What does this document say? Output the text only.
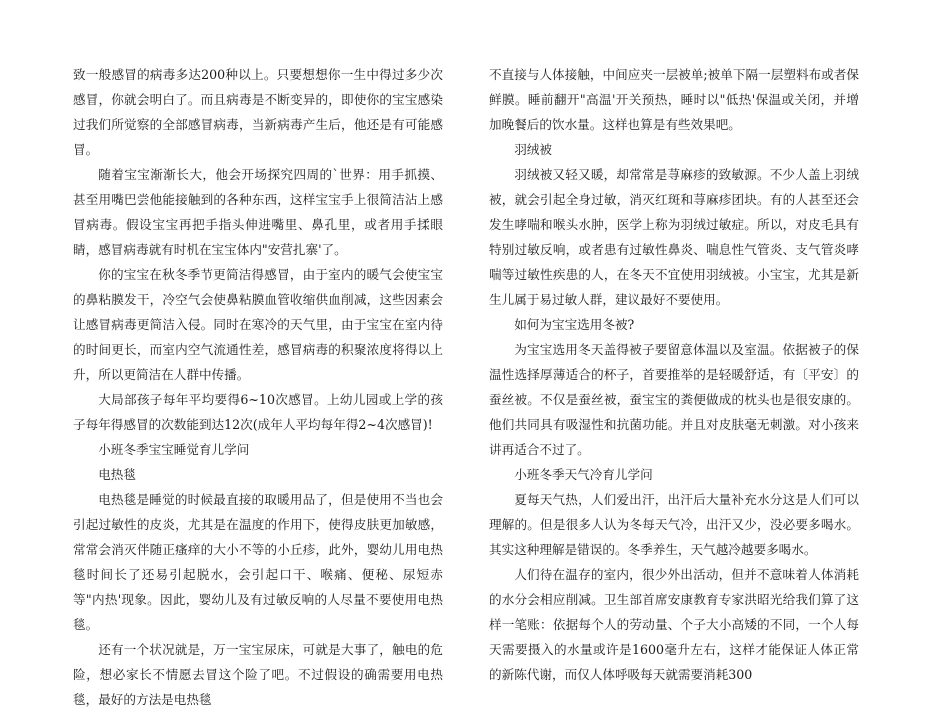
致一般感冒的病毒多达200种以上。只要想想你一生中得过多少次感冒，你就会明白了。而且病毒是不断变异的，即使你的宝宝感染过我们所觉察的全部感冒病毒，当新病毒产生后，他还是有可能感冒。

随着宝宝渐渐长大，他会开场探究四周的`世界：用手抓摸、甚至用嘴巴尝他能接触到的各种东西，这样宝宝手上很简洁沾上感冒病毒。假设宝宝再把手指头伸进嘴里、鼻孔里，或者用手揉眼睛，感冒病毒就有时机在宝宝体内"安营扎寨'了。

你的宝宝在秋冬季节更简洁得感冒，由于室内的暖气会使宝宝的鼻粘膜发干，冷空气会使鼻粘膜血管收缩供血削减，这些因素会让感冒病毒更简洁入侵。同时在寒冷的天气里，由于宝宝在室内待的时间更长，而室内空气流通性差，感冒病毒的积聚浓度将得以上升，所以更简洁在人群中传播。

大局部孩子每年平均要得6~10次感冒。上幼儿园或上学的孩子每年得感冒的次数能到达12次(成年人平均每年得2~4次感冒)!

小班冬季宝宝睡觉育儿学问

电热毯

电热毯是睡觉的时候最直接的取暖用品了，但是使用不当也会引起过敏性的皮炎，尤其是在温度的作用下，使得皮肤更加敏感，常常会消灭伴随正瘙痒的大小不等的小丘疹，此外，婴幼儿用电热毯时间长了还易引起脱水，会引起口干、喉痛、便秘、尿短赤等"内热'现象。因此，婴幼儿及有过敏反响的人尽量不要使用电热毯。

还有一个状况就是，万一宝宝尿床，可就是大事了，触电的危险，想必家长不情愿去冒这个险了吧。不过假设的确需要用电热毯，最好的方法是电热毯

不直接与人体接触，中间应夹一层被单;被单下隔一层塑料布或者保鲜膜。睡前翻开"高温'开关预热，睡时以"低热'保温或关闭，并增加晚餐后的饮水量。这样也算是有些效果吧。

羽绒被

羽绒被又轻又暖，却常常是荨麻疹的致敏源。不少人盖上羽绒被，就会引起全身过敏，消灭红斑和荨麻疹团块。有的人甚至还会发生哮喘和喉头水肿，医学上称为羽绒过敏症。所以，对皮毛具有特别过敏反响，或者患有过敏性鼻炎、喘息性气管炎、支气管炎哮喘等过敏性疾患的人，在冬天不宜使用羽绒被。小宝宝，尤其是新生儿属于易过敏人群，建议最好不要使用。

如何为宝宝选用冬被?

为宝宝选用冬天盖得被子要留意体温以及室温。依据被子的保温性选择厚薄适合的杯子，首要推举的是轻暖舒适，有〔平安〕的蚕丝被。不仅是蚕丝被，蚕宝宝的粪便做成的枕头也是很安康的。他们共同具有吸湿性和抗菌功能。并且对皮肤毫无刺激。对小孩来讲再适合不过了。

小班冬季天气冷育儿学问

夏每天气热，人们爱出汗，出汗后大量补充水分这是人们可以理解的。但是很多人认为冬每天气冷，出汗又少，没必要多喝水。其实这种理解是错误的。冬季养生，天气越冷越要多喝水。

人们待在温存的室内，很少外出活动，但并不意味着人体消耗的水分会相应削减。卫生部首席安康教育专家洪昭光给我们算了这样一笔账：依据每个人的劳动量、个子大小高矮的不同，一个人每天需要摄入的水量或许是1600毫升左右，这样才能保证人体正常的新陈代谢，而仅人体呼吸每天就需要消耗300
